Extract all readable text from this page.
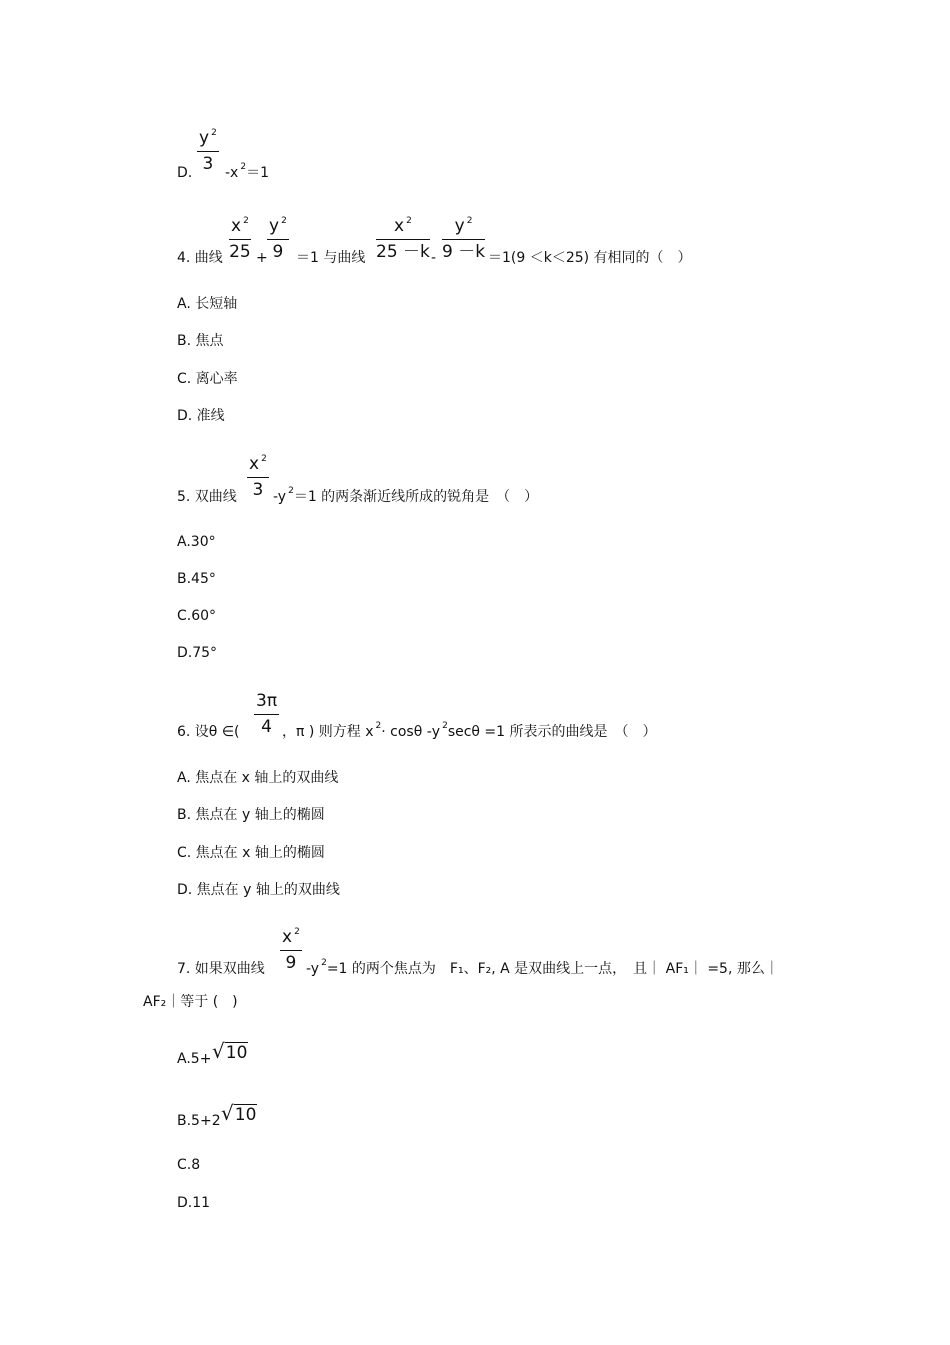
D. $\frac{y ^2}{3} -x$ $^2$＝1
4. 曲线 $\frac{x ^2}{25} + \frac{y ^2}{9} =1$ 与曲线 $\frac{x ^2}{25 -k} - \frac{y ^2}{9 -k} =1(9 <k<25)$ 有相同的（　）
A. 长短轴
B. 焦点
C. 离心率
D. 准线
5. 双曲线 $\frac{x ^2}{3} -y$ $^2$＝1 的两条渐近线所成的锐角是　（　）
A.30°
B.45°
C.60°
D.75°
6. 设θ ∈( $\frac{3\pi}{4}$ ，π ) 则方程 x $^2$· cosθ -y $^2$secθ =1 所表示的曲线是　（　）
A. 焦点在 x 轴上的双曲线
B. 焦点在 y 轴上的椭圆
C. 焦点在 x 轴上的椭圆
D. 焦点在 y 轴上的双曲线
7. 如果双曲线 $\frac{x ^2}{9} -y$ $^2$=1 的两个焦点为　F₁、F₂, A 是双曲线上一点，　且｜ AF₁｜ =5, 那么｜
AF₂｜等于 (　)
A.5+ √10
B.5+2 √10
C.8
D.11
